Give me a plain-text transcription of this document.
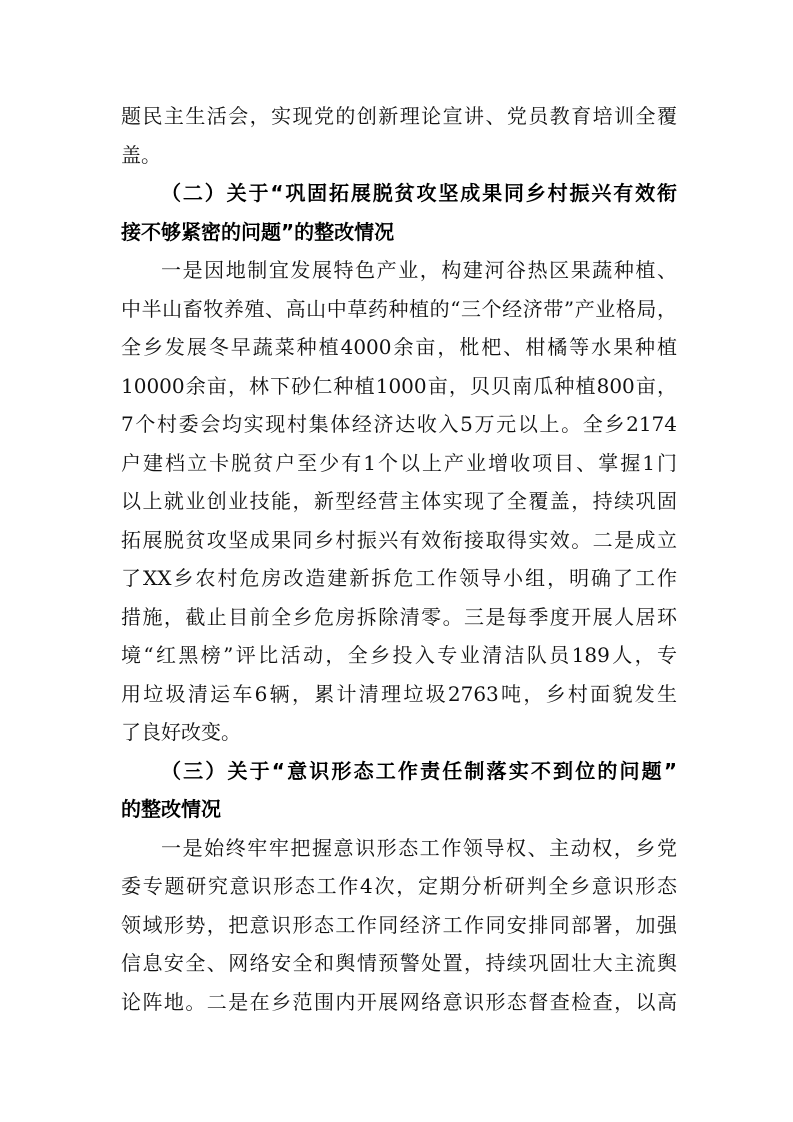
题民主生活会，实现党的创新理论宣讲、党员教育培训全覆
盖。
（二）关于“巩固拓展脱贫攻坚成果同乡村振兴有效衔
接不够紧密的问题”的整改情况
一是因地制宜发展特色产业，构建河谷热区果蔬种植、
中半山畜牧养殖、高山中草药种植的“三个经济带”产业格局，
全乡发展冬早蔬菜种植4000余亩，枇杷、柑橘等水果种植
10000余亩，林下砂仁种植1000亩，贝贝南瓜种植800亩，
7个村委会均实现村集体经济达收入5万元以上。全乡2174
户建档立卡脱贫户至少有1个以上产业增收项目、掌握1门
以上就业创业技能，新型经营主体实现了全覆盖，持续巩固
拓展脱贫攻坚成果同乡村振兴有效衔接取得实效。二是成立
了XX乡农村危房改造建新拆危工作领导小组，明确了工作
措施，截止目前全乡危房拆除清零。三是每季度开展人居环
境“红黑榜”评比活动，全乡投入专业清洁队员189人，专
用垃圾清运车6辆，累计清理垃圾2763吨，乡村面貌发生
了良好改变。
（三）关于“意识形态工作责任制落实不到位的问题”
的整改情况
一是始终牢牢把握意识形态工作领导权、主动权，乡党
委专题研究意识形态工作4次，定期分析研判全乡意识形态
领域形势，把意识形态工作同经济工作同安排同部署，加强
信息安全、网络安全和舆情预警处置，持续巩固壮大主流舆
论阵地。二是在乡范围内开展网络意识形态督查检查，以高
